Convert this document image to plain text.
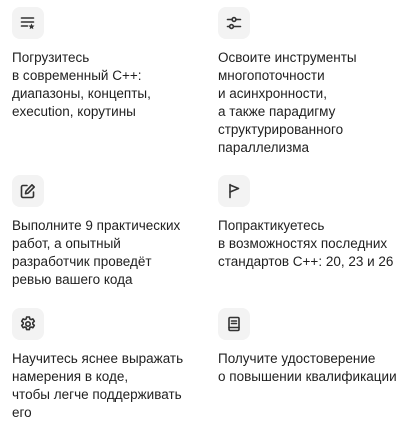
Погрузитесь
в современный С++:
диапазоны, концепты,
execution, корутины
Освоите инструменты
многопоточности
и асинхронности,
а также парадигму
структурированного
параллелизма
Выполните 9 практических
работ, а опытный
разработчик проведёт
ревью вашего кода
Попрактикуетесь
в возможностях последних
стандартов С++: 20, 23 и 26
Научитесь яснее выражать
намерения в коде,
чтобы легче поддерживать
его
Получите удостоверение
о повышении квалификации
